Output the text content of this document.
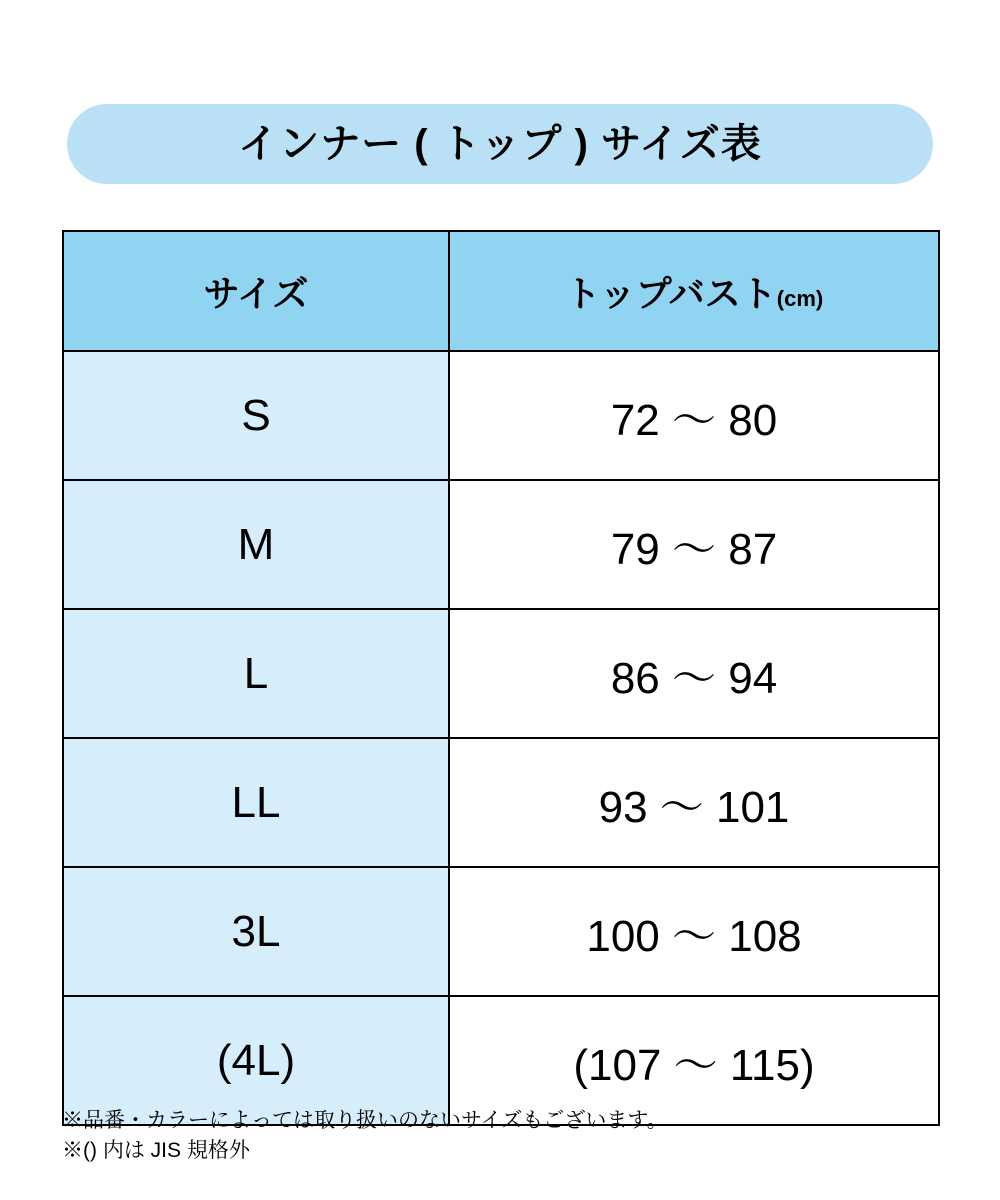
インナー ( トップ ) サイズ表
サイズ	トップバスト(cm)
S	72 〜 80
M	79 〜 87
L	86 〜 94
LL	93 〜 101
3L	100 〜 108
(4L)	(107 〜 115)
※品番・カラーによっては取り扱いのないサイズもございます。
※() 内は JIS 規格外
